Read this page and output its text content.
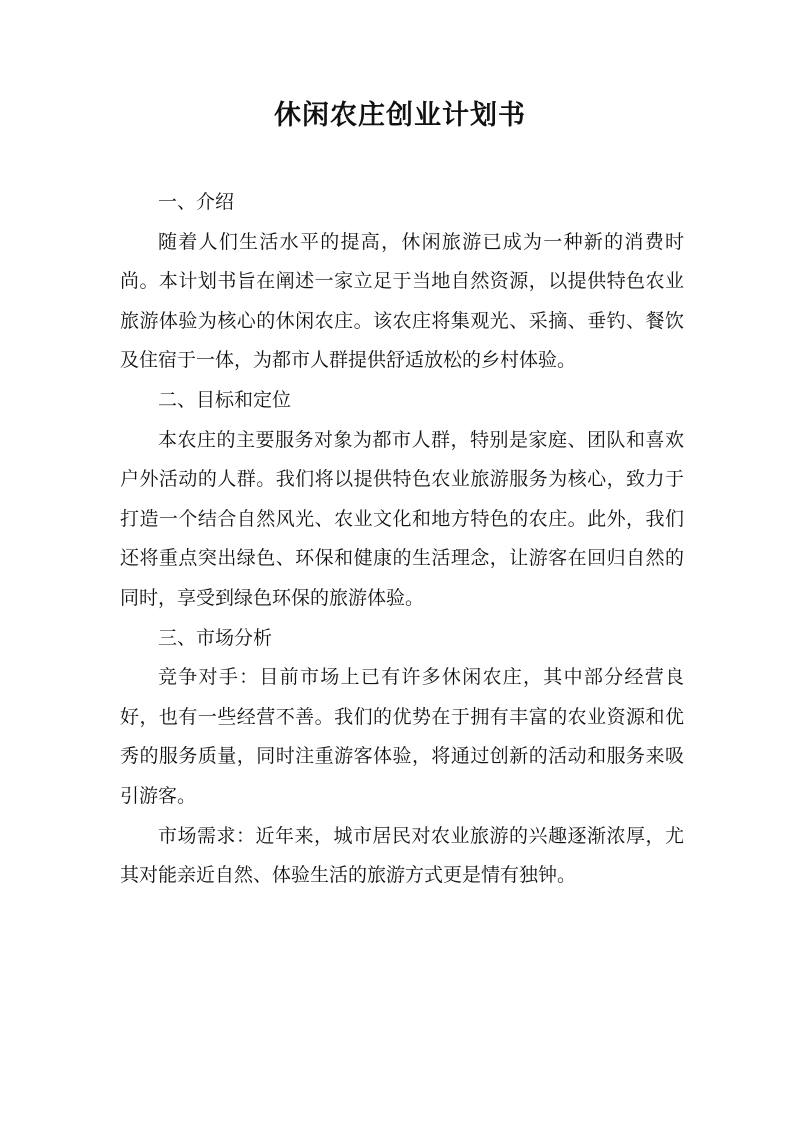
休闲农庄创业计划书

一、介绍

随着人们生活水平的提高，休闲旅游已成为一种新的消费时尚。本计划书旨在阐述一家立足于当地自然资源，以提供特色农业旅游体验为核心的休闲农庄。该农庄将集观光、采摘、垂钓、餐饮及住宿于一体，为都市人群提供舒适放松的乡村体验。

二、目标和定位

本农庄的主要服务对象为都市人群，特别是家庭、团队和喜欢户外活动的人群。我们将以提供特色农业旅游服务为核心，致力于打造一个结合自然风光、农业文化和地方特色的农庄。此外，我们还将重点突出绿色、环保和健康的生活理念，让游客在回归自然的同时，享受到绿色环保的旅游体验。

三、市场分析

竞争对手：目前市场上已有许多休闲农庄，其中部分经营良好，也有一些经营不善。我们的优势在于拥有丰富的农业资源和优秀的服务质量，同时注重游客体验，将通过创新的活动和服务来吸引游客。

市场需求：近年来，城市居民对农业旅游的兴趣逐渐浓厚，尤其对能亲近自然、体验生活的旅游方式更是情有独钟。
